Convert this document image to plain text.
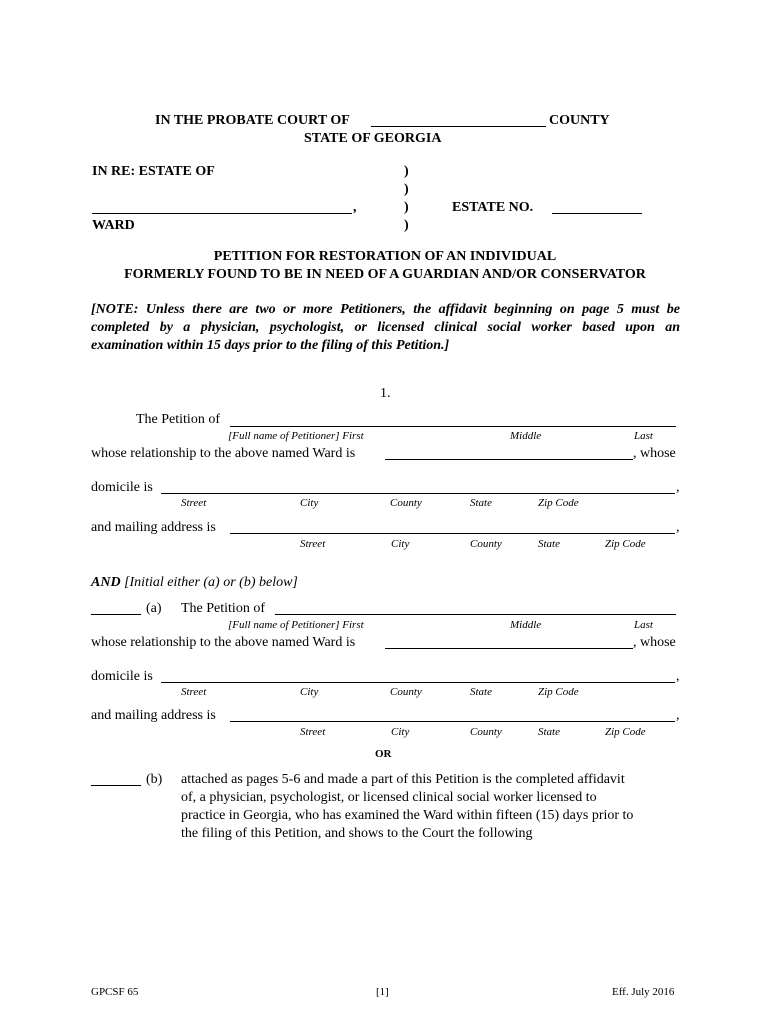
IN THE PROBATE COURT OF	COUNTY
STATE OF GEORGIA
IN RE: ESTATE OF	)
)
)
)
,
WARD
ESTATE NO.
PETITION FOR RESTORATION OF AN INDIVIDUAL
FORMERLY FOUND TO BE IN NEED OF A GUARDIAN AND/OR CONSERVATOR
[NOTE: Unless there are two or more Petitioners, the affidavit beginning on page 5 must be
completed by a physician, psychologist, or licensed clinical social worker based upon an
examination within 15 days prior to the filing of this Petition.]
1.
The Petition of
[Full name of Petitioner] First	Middle	Last
whose relationship to the above named Ward is	, whose
domicile is	,
Street	City	County	State	Zip Code
and mailing address is	,
Street	City	County	State	Zip Code
AND [Initial either (a) or (b) below]
(a) The Petition of
[Full name of Petitioner] First	Middle	Last
whose relationship to the above named Ward is	, whose
domicile is	,
Street	City	County	State	Zip Code
and mailing address is	,
Street	City	County	State	Zip Code
OR
(b) attached as pages 5-6 and made a part of this Petition is the completed affidavit
of, a physician, psychologist, or licensed clinical social worker licensed to
practice in Georgia, who has examined the Ward within fifteen (15) days prior to
the filing of this Petition, and shows to the Court the following
GPCSF 65	[1]	Eff. July 2016
